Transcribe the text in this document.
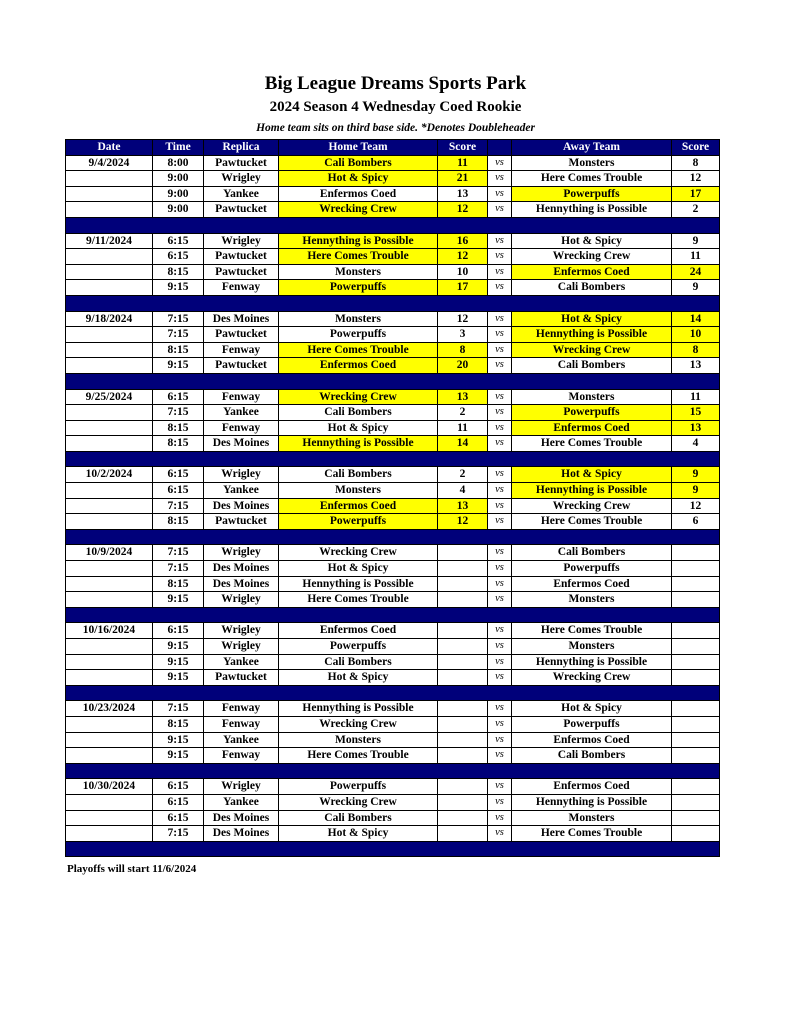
Big League Dreams Sports Park
2024 Season 4 Wednesday Coed Rookie
Home team sits on third base side. *Denotes Doubleheader
Date	Time	Replica	Home Team	Score		Away Team	Score
9/4/2024	8:00	Pawtucket	Cali Bombers	11	vs	Monsters	8
	9:00	Wrigley	Hot & Spicy	21	vs	Here Comes Trouble	12
	9:00	Yankee	Enfermos Coed	13	vs	Powerpuffs	17
	9:00	Pawtucket	Wrecking Crew	12	vs	Hennything is Possible	2

9/11/2024	6:15	Wrigley	Hennything is Possible	16	vs	Hot & Spicy	9
	6:15	Pawtucket	Here Comes Trouble	12	vs	Wrecking Crew	11
	8:15	Pawtucket	Monsters	10	vs	Enfermos Coed	24
	9:15	Fenway	Powerpuffs	17	vs	Cali Bombers	9

9/18/2024	7:15	Des Moines	Monsters	12	vs	Hot & Spicy	14
	7:15	Pawtucket	Powerpuffs	3	vs	Hennything is Possible	10
	8:15	Fenway	Here Comes Trouble	8	vs	Wrecking Crew	8
	9:15	Pawtucket	Enfermos Coed	20	vs	Cali Bombers	13

9/25/2024	6:15	Fenway	Wrecking Crew	13	vs	Monsters	11
	7:15	Yankee	Cali Bombers	2	vs	Powerpuffs	15
	8:15	Fenway	Hot & Spicy	11	vs	Enfermos Coed	13
	8:15	Des Moines	Hennything is Possible	14	vs	Here Comes Trouble	4

10/2/2024	6:15	Wrigley	Cali Bombers	2	vs	Hot & Spicy	9
	6:15	Yankee	Monsters	4	vs	Hennything is Possible	9
	7:15	Des Moines	Enfermos Coed	13	vs	Wrecking Crew	12
	8:15	Pawtucket	Powerpuffs	12	vs	Here Comes Trouble	6

10/9/2024	7:15	Wrigley	Wrecking Crew		vs	Cali Bombers	
	7:15	Des Moines	Hot & Spicy		vs	Powerpuffs	
	8:15	Des Moines	Hennything is Possible		vs	Enfermos Coed	
	9:15	Wrigley	Here Comes Trouble		vs	Monsters	

10/16/2024	6:15	Wrigley	Enfermos Coed		vs	Here Comes Trouble	
	9:15	Wrigley	Powerpuffs		vs	Monsters	
	9:15	Yankee	Cali Bombers		vs	Hennything is Possible	
	9:15	Pawtucket	Hot & Spicy		vs	Wrecking Crew	

10/23/2024	7:15	Fenway	Hennything is Possible		vs	Hot & Spicy	
	8:15	Fenway	Wrecking Crew		vs	Powerpuffs	
	9:15	Yankee	Monsters		vs	Enfermos Coed	
	9:15	Fenway	Here Comes Trouble		vs	Cali Bombers	

10/30/2024	6:15	Wrigley	Powerpuffs		vs	Enfermos Coed	
	6:15	Yankee	Wrecking Crew		vs	Hennything is Possible	
	6:15	Des Moines	Cali Bombers		vs	Monsters	
	7:15	Des Moines	Hot & Spicy		vs	Here Comes Trouble	

Playoffs will start 11/6/2024
